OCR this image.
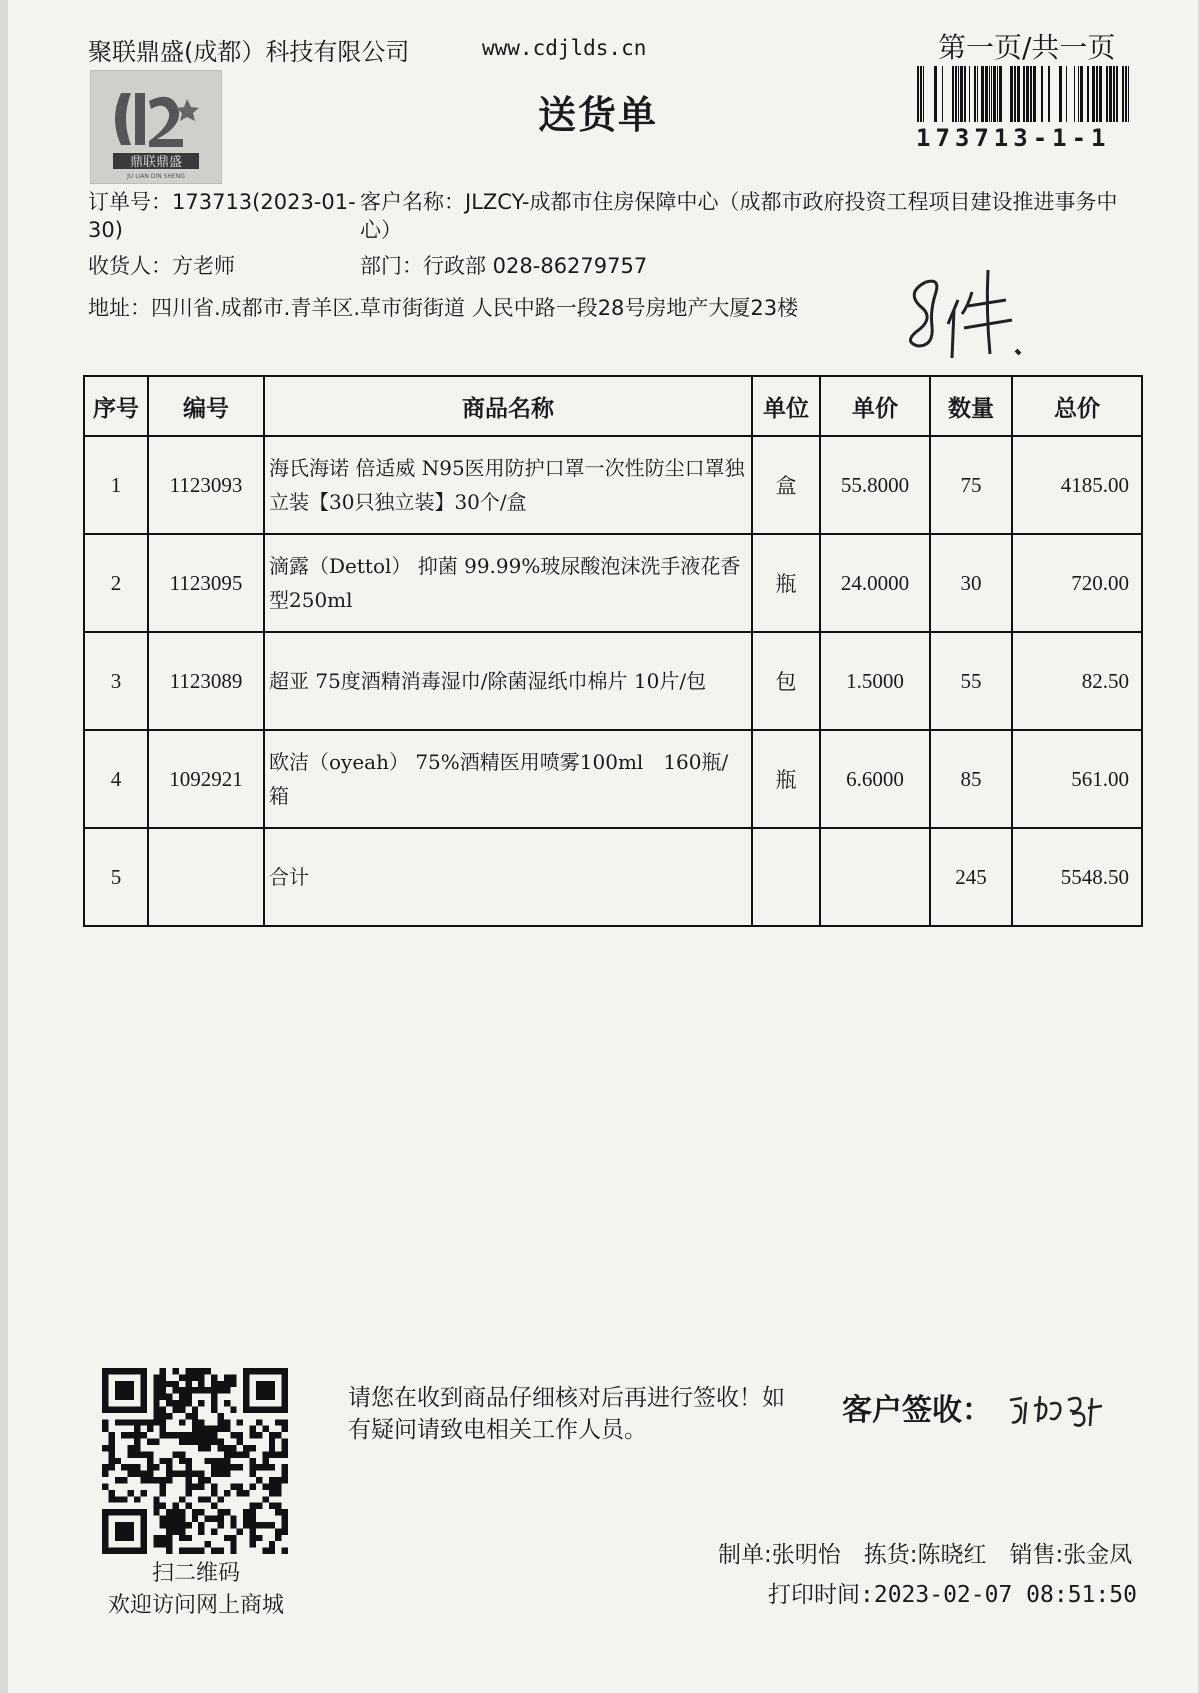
聚联鼎盛(成都）科技有限公司	www.cdjlds.cn	第一页/共一页
送货单
鼎联鼎盛
JU LIAN DIN SHENG
173713-1-1
订单号：173713(2023-01-30)
客户名称：JLZCY-成都市住房保障中心（成都市政府投资工程项目建设推进事务中心）
收货人：方老师	部门：行政部 028-86279757
地址：四川省.成都市.青羊区.草市街街道 人民中路一段28号房地产大厦23楼
序号	编号	商品名称	单位	单价	数量	总价
1	1123093	海氏海诺 倍适威 N95医用防护口罩一次性防尘口罩独立装【30只独立装】30个/盒	盒	55.8000	75	4185.00
2	1123095	滴露（Dettol） 抑菌 99.99%玻尿酸泡沫洗手液花香型250ml	瓶	24.0000	30	720.00
3	1123089	超亚 75度酒精消毒湿巾/除菌湿纸巾棉片 10片/包	包	1.5000	55	82.50
4	1092921	欧洁（oyeah） 75%酒精医用喷雾100ml　160瓶/箱	瓶	6.6000	85	561.00
5		合计			245	5548.50
扫二维码
欢迎访问网上商城
请您在收到商品仔细核对后再进行签收！如有疑问请致电相关工作人员。
客户签收：
制单:张明怡　拣货:陈晓红　销售:张金凤
打印时间:2023-02-07 08:51:50
